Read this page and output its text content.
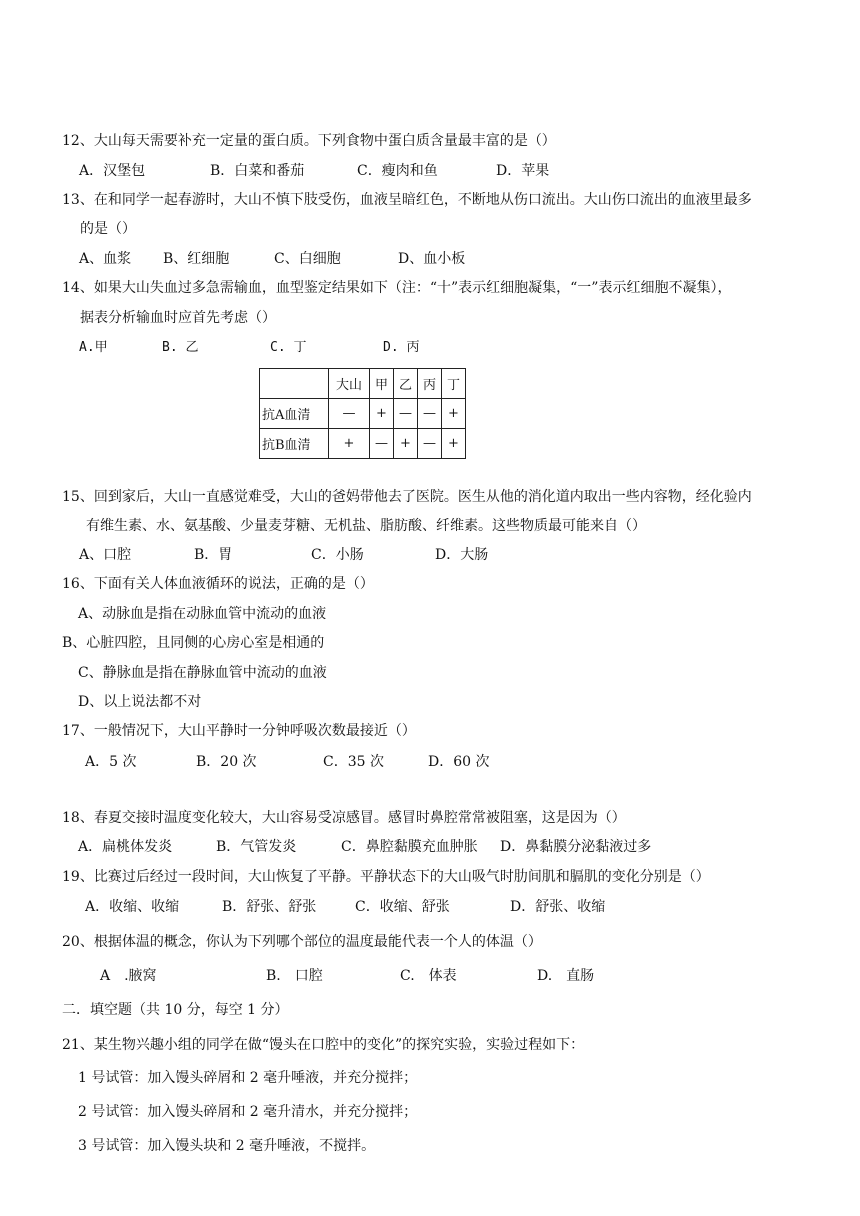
12、大山每天需要补充一定量的蛋白质。下列食物中蛋白质含量最丰富的是（）
A．汉堡包	B．白菜和番茄	C．瘦肉和鱼	D．苹果
13、在和同学一起春游时，大山不慎下肢受伤，血液呈暗红色，不断地从伤口流出。大山伤口流出的血液里最多
的是（）
A、血浆 B、红细胞	C、白细胞	D、血小板
14、如果大山失血过多急需输血，血型鉴定结果如下（注：“十”表示红细胞凝集，“一”表示红细胞不凝集），
据表分析输血时应首先考虑（）
A.甲	B. 乙	C. 丁	D. 丙
	大山	甲	乙	丙	丁
抗A血清	—	+	—	—	+
抗B血清	+	—	+	—	+
15、回到家后，大山一直感觉难受，大山的爸妈带他去了医院。医生从他的消化道内取出一些内容物，经化验内
有维生素、水、氨基酸、少量麦芽糖、无机盐、脂肪酸、纤维素。这些物质最可能来自（）
A、口腔	B．胃	C．小肠	D．大肠
16、下面有关人体血液循环的说法，正确的是（）
A、动脉血是指在动脉血管中流动的血液
B、心脏四腔，且同侧的心房心室是相通的
C、静脉血是指在静脉血管中流动的血液
D、以上说法都不对
17、一般情况下，大山平静时一分钟呼吸次数最接近（）
A．5 次	B．20 次	C．35 次	D．60 次
18、春夏交接时温度变化较大，大山容易受凉感冒。感冒时鼻腔常常被阻塞，这是因为（）
A．扁桃体发炎	B．气管发炎	C．鼻腔黏膜充血肿胀 D．鼻黏膜分泌黏液过多
19、比赛过后经过一段时间，大山恢复了平静。平静状态下的大山吸气时肋间肌和膈肌的变化分别是（）
A．收缩、收缩	B．舒张、舒张	C．收缩、舒张	D．舒张、收缩
20、根据体温的概念，你认为下列哪个部位的温度最能代表一个人的体温（）
A　.腋窝	B.　口腔	C.　体表	D.　直肠
二．填空题（共 10 分，每空 1 分）
21、某生物兴趣小组的同学在做“馒头在口腔中的变化”的探究实验，实验过程如下：
1 号试管：加入馒头碎屑和 2 毫升唾液，并充分搅拌；
2 号试管：加入馒头碎屑和 2 毫升清水，并充分搅拌；
3 号试管：加入馒头块和 2 毫升唾液，不搅拌。
